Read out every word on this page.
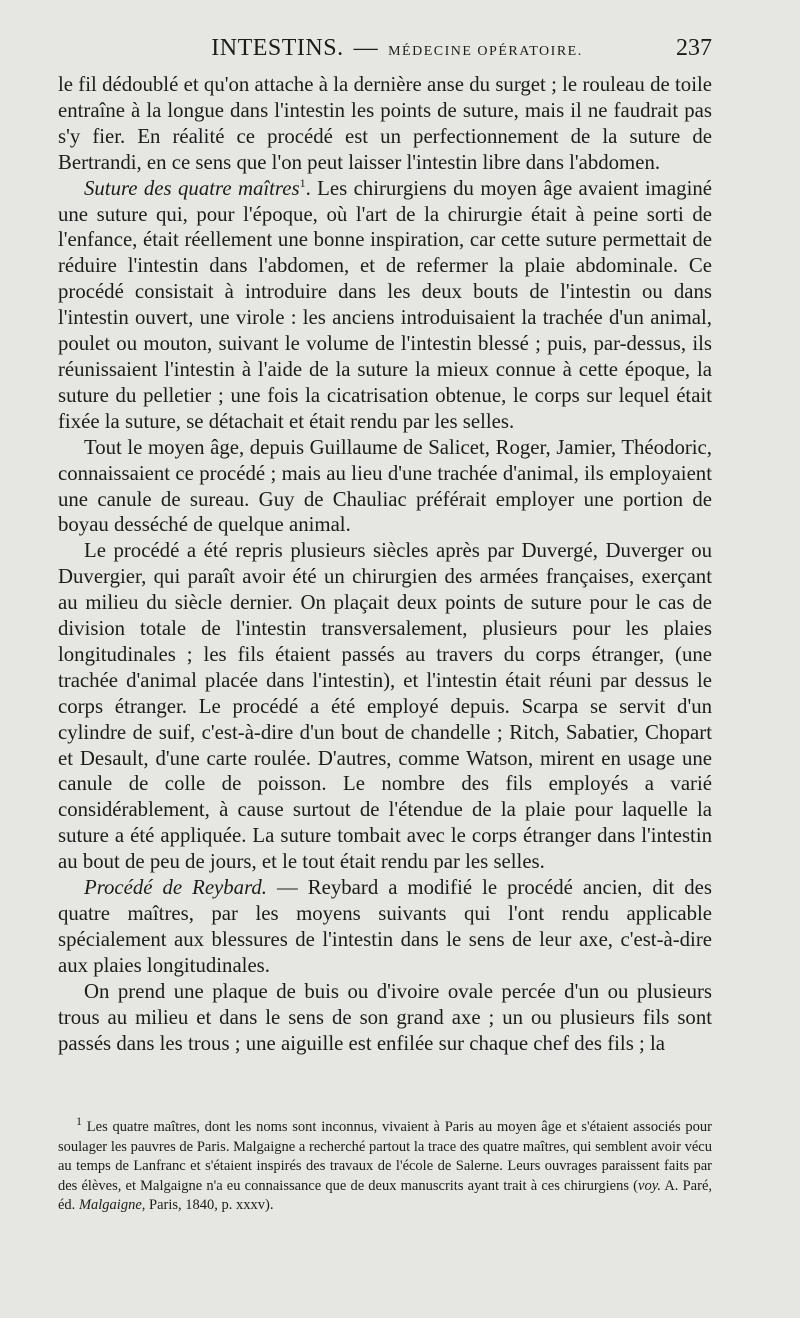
INTESTINS. — MÉDECINE OPÉRATOIRE.	237

le fil dédoublé et qu'on attache à la dernière anse du surget ; le rouleau de toile entraîne à la longue dans l'intestin les points de suture, mais il ne faudrait pas s'y fier. En réalité ce procédé est un perfectionnement de la suture de Bertrandi, en ce sens que l'on peut laisser l'intestin libre dans l'abdomen.

Suture des quatre maîtres$^1$. Les chirurgiens du moyen âge avaient imaginé une suture qui, pour l'époque, où l'art de la chirurgie était à peine sorti de l'enfance, était réellement une bonne inspiration, car cette suture permettait de réduire l'intestin dans l'abdomen, et de refermer la plaie abdominale. Ce procédé consistait à introduire dans les deux bouts de l'intestin ou dans l'intestin ouvert, une virole : les anciens introduisaient la trachée d'un animal, poulet ou mouton, suivant le volume de l'intestin blessé ; puis, par-dessus, ils réunissaient l'intestin à l'aide de la suture la mieux connue à cette époque, la suture du pelletier ; une fois la cicatrisation obtenue, le corps sur lequel était fixée la suture, se détachait et était rendu par les selles.

Tout le moyen âge, depuis Guillaume de Salicet, Roger, Jamier, Théodoric, connaissaient ce procédé ; mais au lieu d'une trachée d'animal, ils employaient une canule de sureau. Guy de Chauliac préférait employer une portion de boyau desséché de quelque animal.

Le procédé a été repris plusieurs siècles après par Duvergé, Duverger ou Duvergier, qui paraît avoir été un chirurgien des armées françaises, exerçant au milieu du siècle dernier. On plaçait deux points de suture pour le cas de division totale de l'intestin transversalement, plusieurs pour les plaies longitudinales ; les fils étaient passés au travers du corps étranger, (une trachée d'animal placée dans l'intestin), et l'intestin était réuni par dessus le corps étranger. Le procédé a été employé depuis. Scarpa se servit d'un cylindre de suif, c'est-à-dire d'un bout de chandelle ; Ritch, Sabatier, Chopart et Desault, d'une carte roulée. D'autres, comme Watson, mirent en usage une canule de colle de poisson. Le nombre des fils employés a varié considérablement, à cause surtout de l'étendue de la plaie pour laquelle la suture a été appliquée. La suture tombait avec le corps étranger dans l'intestin au bout de peu de jours, et le tout était rendu par les selles.

Procédé de Reybard. — Reybard a modifié le procédé ancien, dit des quatre maîtres, par les moyens suivants qui l'ont rendu applicable spécialement aux blessures de l'intestin dans le sens de leur axe, c'est-à-dire aux plaies longitudinales.

On prend une plaque de buis ou d'ivoire ovale percée d'un ou plusieurs trous au milieu et dans le sens de son grand axe ; un ou plusieurs fils sont passés dans les trous ; une aiguille est enfilée sur chaque chef des fils ; la

$^1$ Les quatre maîtres, dont les noms sont inconnus, vivaient à Paris au moyen âge et s'étaient associés pour soulager les pauvres de Paris. Malgaigne a recherché partout la trace des quatre maîtres, qui semblent avoir vécu au temps de Lanfranc et s'étaient inspirés des travaux de l'école de Salerne. Leurs ouvrages paraissent faits par des élèves, et Malgaigne n'a eu connaissance que de deux manuscrits ayant trait à ces chirurgiens (voy. A. Paré, éd. Malgaigne, Paris, 1840, p. xxxv).
